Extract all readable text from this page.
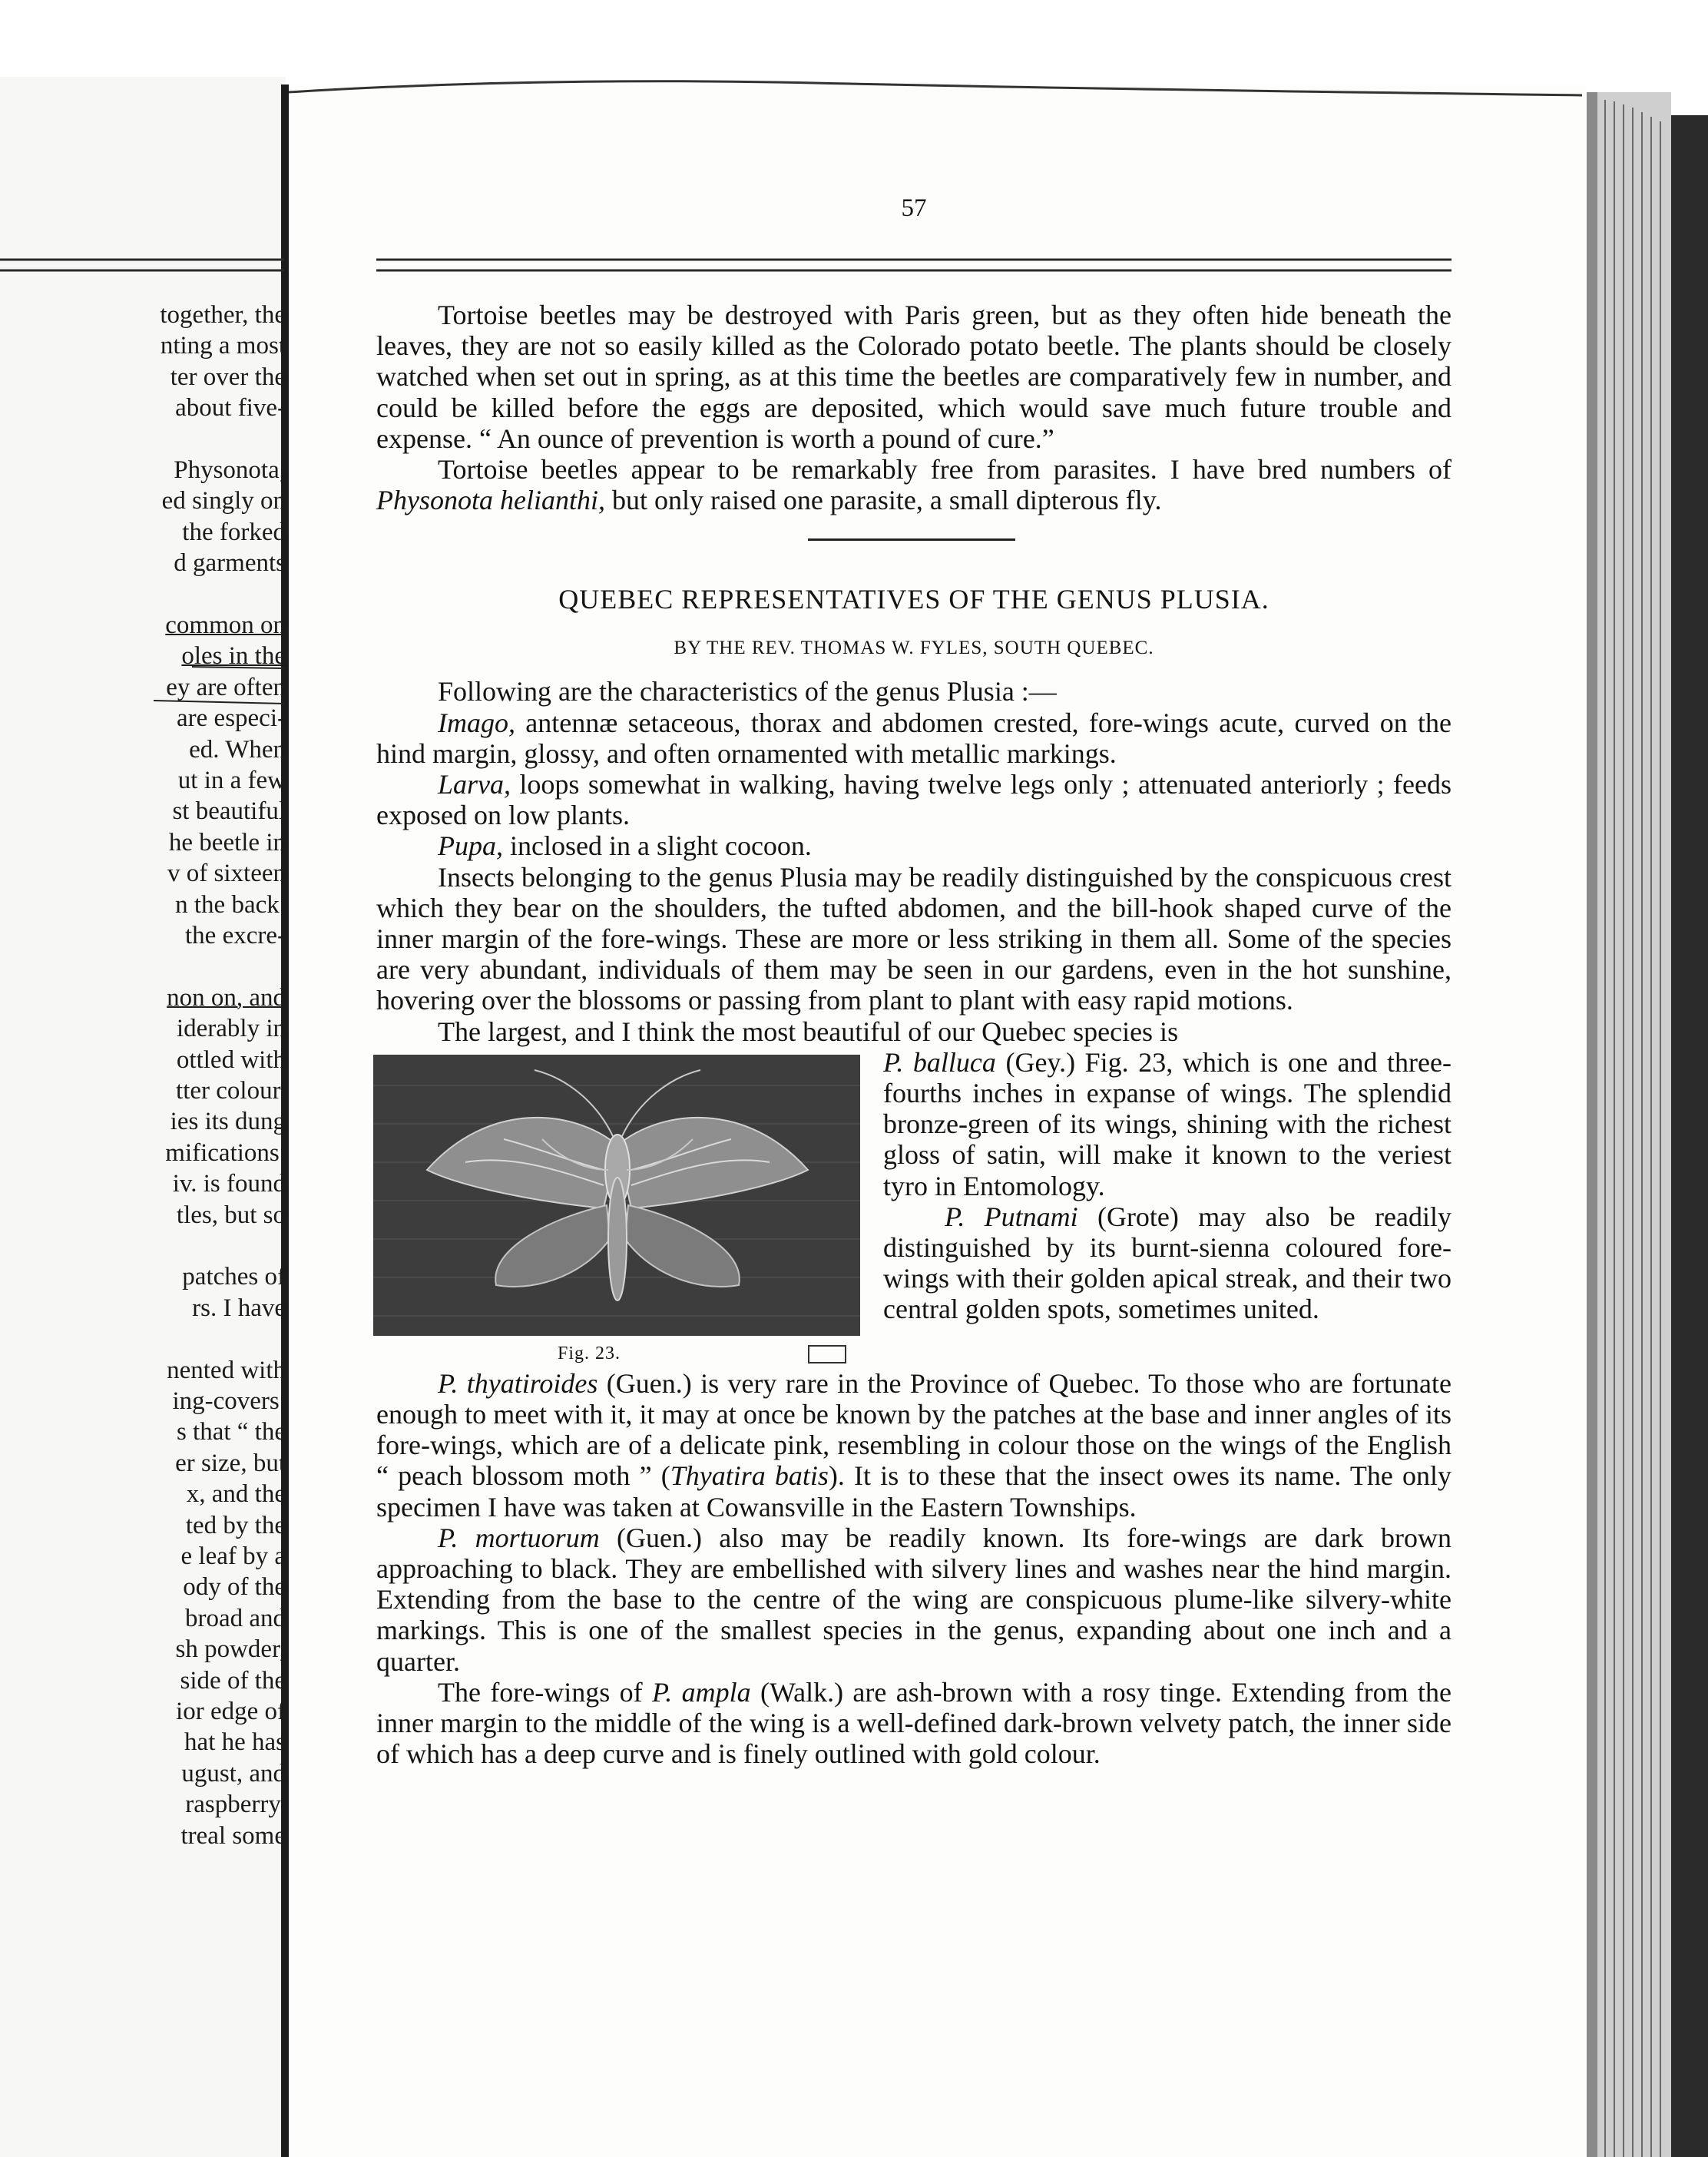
together, the
nting a most
ter over the
about five-
Physonota,
ed singly on
the forked
d garments
common on
oles in the
ey are often
are especi-
ed. When
ut in a few
st beautiful
he beetle in
v of sixteen
n the back.
the excre-
non on, and
iderably in
ottled with
tter colour.
ies its dung
mifications.
iv. is found
tles, but so
patches of
rs. I have
nented with
ing-covers.
s that “ the
er size, but
x, and the
ted by the
e leaf by a
ody of the
broad and
sh powder,
side of the
ior edge of
hat he has
ugust, and
raspberry.
treal some
57

Tortoise beetles may be destroyed with Paris green, but as they often hide beneath the leaves, they are not so easily killed as the Colorado potato beetle. The plants should be closely watched when set out in spring, as at this time the beetles are comparatively few in number, and could be killed before the eggs are deposited, which would save much future trouble and expense. “ An ounce of prevention is worth a pound of cure.”

Tortoise beetles appear to be remarkably free from parasites. I have bred numbers of Physonota helianthi, but only raised one parasite, a small dipterous fly.

QUEBEC REPRESENTATIVES OF THE GENUS PLUSIA.
BY THE REV. THOMAS W. FYLES, SOUTH QUEBEC.

Following are the characteristics of the genus Plusia :—

Imago, antennæ setaceous, thorax and abdomen crested, fore-wings acute, curved on the hind margin, glossy, and often ornamented with metallic markings.

Larva, loops somewhat in walking, having twelve legs only ; attenuated anteriorly ; feeds exposed on low plants.

Pupa, inclosed in a slight cocoon.

Insects belonging to the genus Plusia may be readily distinguished by the conspicuous crest which they bear on the shoulders, the tufted abdomen, and the bill-hook shaped curve of the inner margin of the fore-wings. These are more or less striking in them all. Some of the species are very abundant, individuals of them may be seen in our gardens, even in the hot sunshine, hovering over the blossoms or passing from plant to plant with easy rapid motions.

The largest, and I think the most beautiful of our Quebec species is

Fig. 23.

P. balluca (Gey.) Fig. 23, which is one and three-fourths inches in expanse of wings. The splendid bronze-green of its wings, shining with the richest gloss of satin, will make it known to the veriest tyro in Entomology.

P. Putnami (Grote) may also be readily distinguished by its burnt-sienna coloured fore-wings with their golden apical streak, and their two central golden spots, sometimes united.

P. thyatiroides (Guen.) is very rare in the Province of Quebec. To those who are fortunate enough to meet with it, it may at once be known by the patches at the base and inner angles of its fore-wings, which are of a delicate pink, resembling in colour those on the wings of the English “ peach blossom moth ” (Thyatira batis). It is to these that the insect owes its name. The only specimen I have was taken at Cowansville in the Eastern Townships.

P. mortuorum (Guen.) also may be readily known. Its fore-wings are dark brown approaching to black. They are embellished with silvery lines and washes near the hind margin. Extending from the base to the centre of the wing are conspicuous plume-like silvery-white markings. This is one of the smallest species in the genus, expanding about one inch and a quarter.

The fore-wings of P. ampla (Walk.) are ash-brown with a rosy tinge. Extending from the inner margin to the middle of the wing is a well-defined dark-brown velvety patch, the inner side of which has a deep curve and is finely outlined with gold colour.
